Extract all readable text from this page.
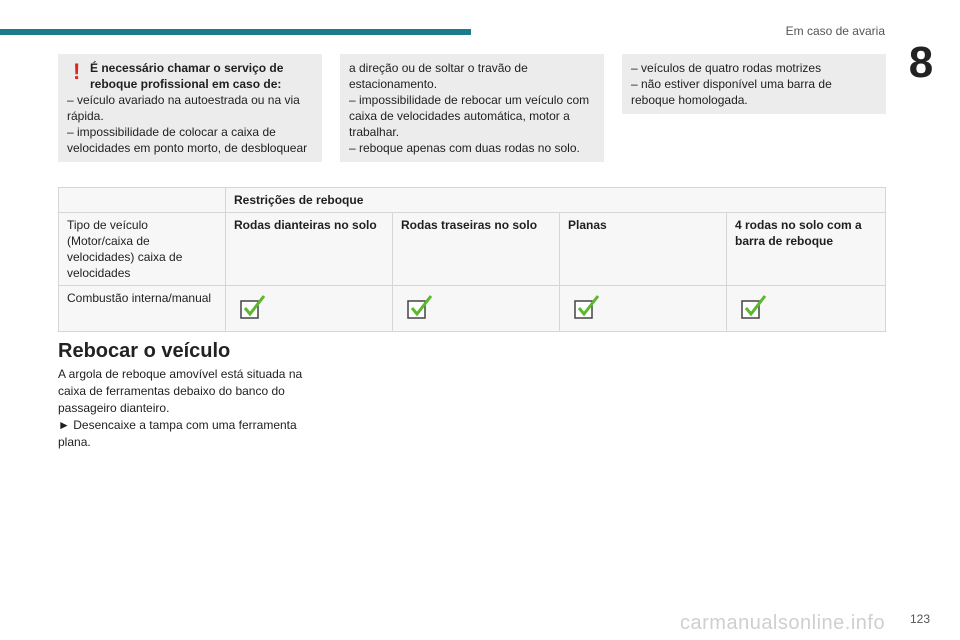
Em caso de avaria
8
! É necessário chamar o serviço de reboque profissional em caso de:

– veículo avariado na autoestrada ou na via rápida.

– impossibilidade de colocar a caixa de velocidades em ponto morto, de desbloquear

a direção ou de soltar o travão de estacionamento.

– impossibilidade de rebocar um veículo com caixa de velocidades automática, motor a trabalhar.

– reboque apenas com duas rodas no solo.

– veículos de quatro rodas motrizes

– não estiver disponível uma barra de reboque homologada.

	Restrições de reboque			

Tipo de veículo
(Motor/caixa de velocidades) caixa de velocidades	Rodas dianteiras no solo	Rodas traseiras no solo	Planas	4 rodas no solo com a barra de reboque
Combustão interna/manual	

Rebocar o veículo

A argola de reboque amovível está situada na caixa de ferramentas debaixo do banco do passageiro dianteiro.

► Desencaixe a tampa com uma ferramenta plana.

carmanualsonline.info 123
